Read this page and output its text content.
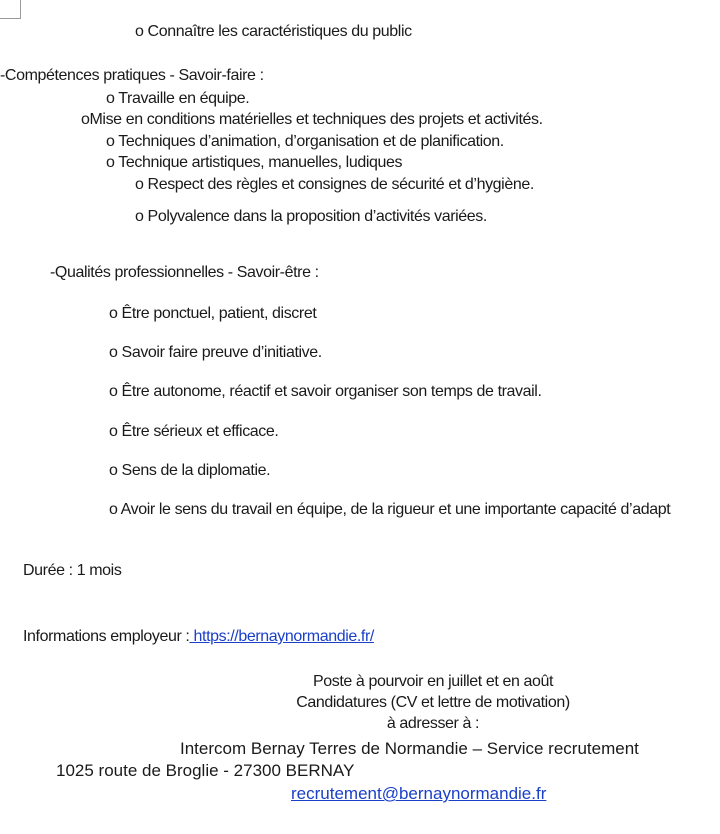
o Connaître les caractéristiques du public
-Compétences pratiques - Savoir-faire :
o Travaille en équipe.
oMise en conditions matérielles et techniques des projets et activités.
o Techniques d’animation, d’organisation et de planification.
o Technique artistiques, manuelles, ludiques
o Respect des règles et consignes de sécurité et d’hygiène.
o Polyvalence dans la proposition d’activités variées.
-Qualités professionnelles - Savoir-être :
o Être ponctuel, patient, discret
o Savoir faire preuve d’initiative.
o Être autonome, réactif et savoir organiser son temps de travail.
o Être sérieux et efficace.
o Sens de la diplomatie.
o Avoir le sens du travail en équipe, de la rigueur et une importante capacité d’adapt
Durée : 1 mois
Informations employeur : https://bernaynormandie.fr/
Poste à pourvoir en juillet et en août
Candidatures (CV et lettre de motivation)
à adresser à :
Intercom Bernay Terres de Normandie – Service recrutement
1025 route de Broglie - 27300 BERNAY
recrutement@bernaynormandie.fr
